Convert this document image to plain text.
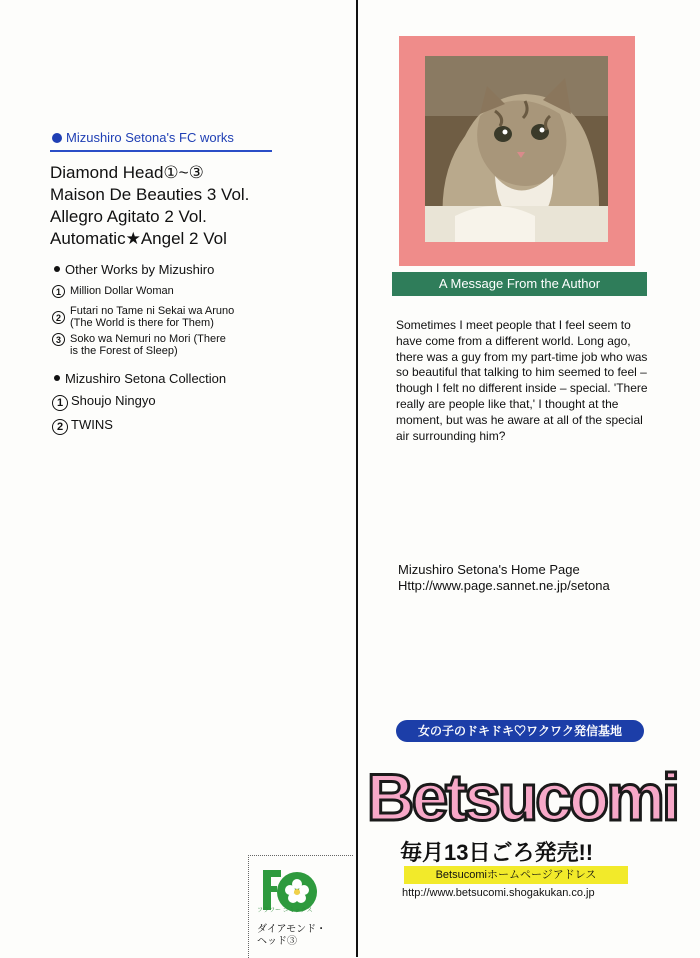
Mizushiro Setona's FC works
Diamond Head①~③
Maison De Beauties 3 Vol.
Allegro Agitato 2 Vol.
Automatic★Angel 2 Vol
Other Works by Mizushiro
1 Million Dollar Woman
2
Futari no Tame ni Sekai wa Aruno
(The World is there for Them)
3 Soko wa Nemuri no Mori (There
is the Forest of Sleep)
Mizushiro Setona Collection
1 Shoujo Ningyo
2 TWINS
フラワー コミックス
ダイアモンド・
ヘッド③
A Message From the Author
Sometimes I meet people that I feel seem to have come from a different world. Long ago, there was a guy from my part-time job who was so beautiful that talking to him seemed to feel – though I felt no different inside – special. 'There really are people like that,' I thought at the moment, but was he aware at all of the special air surrounding him?
Mizushiro Setona's Home Page
Http://www.page.sannet.ne.jp/setona
女の子のドキドキ♡ワクワク発信基地
Betsucomi
毎月13日ごろ発売!!
Betsucomiホームページアドレス
http://www.betsucomi.shogakukan.co.jp
